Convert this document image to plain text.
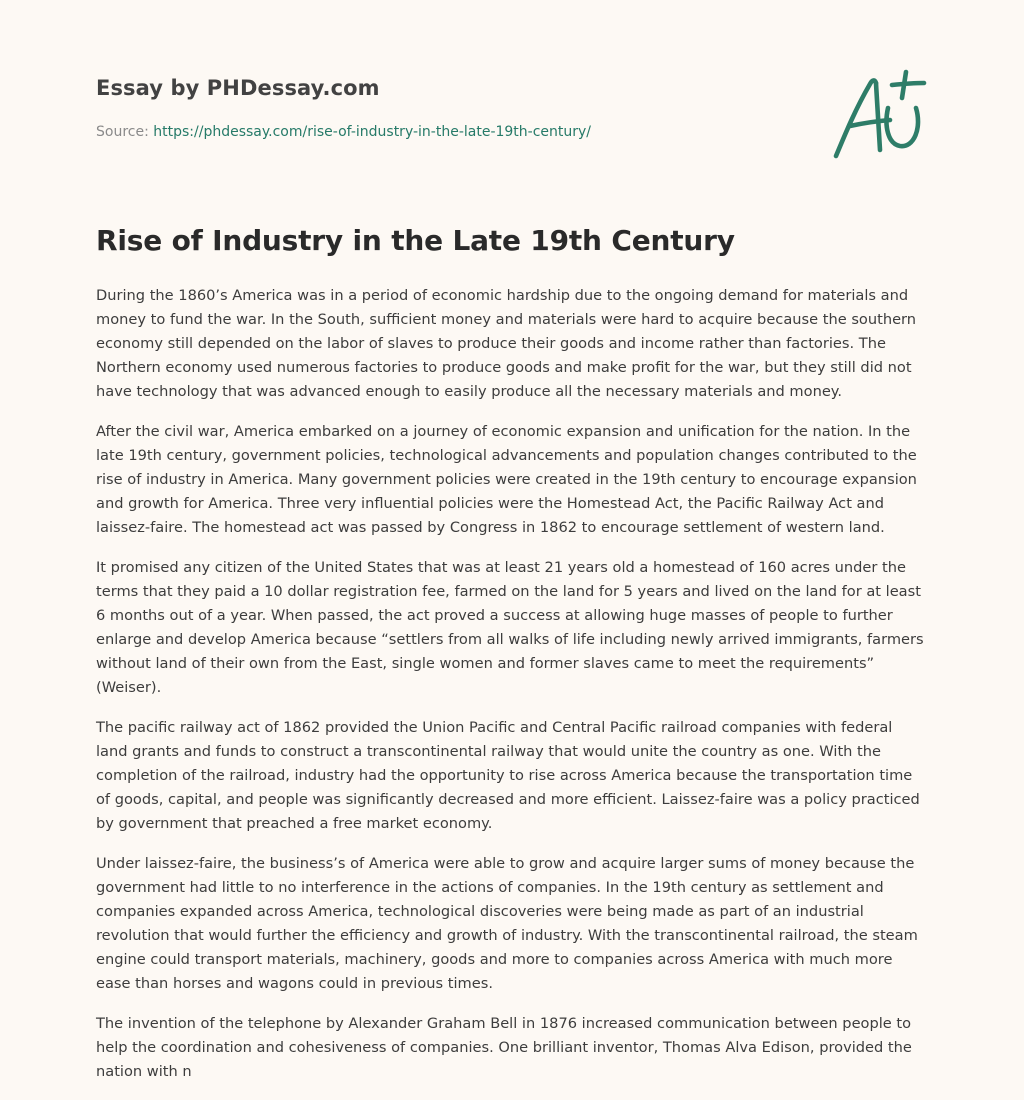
Essay by PHDessay.com
Source: https://phdessay.com/rise-of-industry-in-the-late-19th-century/
Rise of Industry in the Late 19th Century

During the 1860’s America was in a period of economic hardship due to the ongoing demand for materials and money to fund the war. In the South, sufficient money and materials were hard to acquire because the southern economy still depended on the labor of slaves to produce their goods and income rather than factories. The Northern economy used numerous factories to produce goods and make profit for the war, but they still did not have technology that was advanced enough to easily produce all the necessary materials and money.

After the civil war, America embarked on a journey of economic expansion and unification for the nation. In the late 19th century, government policies, technological advancements and population changes contributed to the rise of industry in America. Many government policies were created in the 19th century to encourage expansion and growth for America. Three very influential policies were the Homestead Act, the Pacific Railway Act and laissez-faire. The homestead act was passed by Congress in 1862 to encourage settlement of western land.

It promised any citizen of the United States that was at least 21 years old a homestead of 160 acres under the terms that they paid a 10 dollar registration fee, farmed on the land for 5 years and lived on the land for at least 6 months out of a year. When passed, the act proved a success at allowing huge masses of people to further enlarge and develop America because “settlers from all walks of life including newly arrived immigrants, farmers without land of their own from the East, single women and former slaves came to meet the requirements” (Weiser).

The pacific railway act of 1862 provided the Union Pacific and Central Pacific railroad companies with federal land grants and funds to construct a transcontinental railway that would unite the country as one. With the completion of the railroad, industry had the opportunity to rise across America because the transportation time of goods, capital, and people was significantly decreased and more efficient. Laissez-faire was a policy practiced by government that preached a free market economy.

Under laissez-faire, the business’s of America were able to grow and acquire larger sums of money because the government had little to no interference in the actions of companies. In the 19th century as settlement and companies expanded across America, technological discoveries were being made as part of an industrial revolution that would further the efficiency and growth of industry. With the transcontinental railroad, the steam engine could transport materials, machinery, goods and more to companies across America with much more ease than horses and wagons could in previous times.

The invention of the telephone by Alexander Graham Bell in 1876 increased communication between people to help the coordination and cohesiveness of companies. One brilliant inventor, Thomas Alva Edison, provided the nation with n
